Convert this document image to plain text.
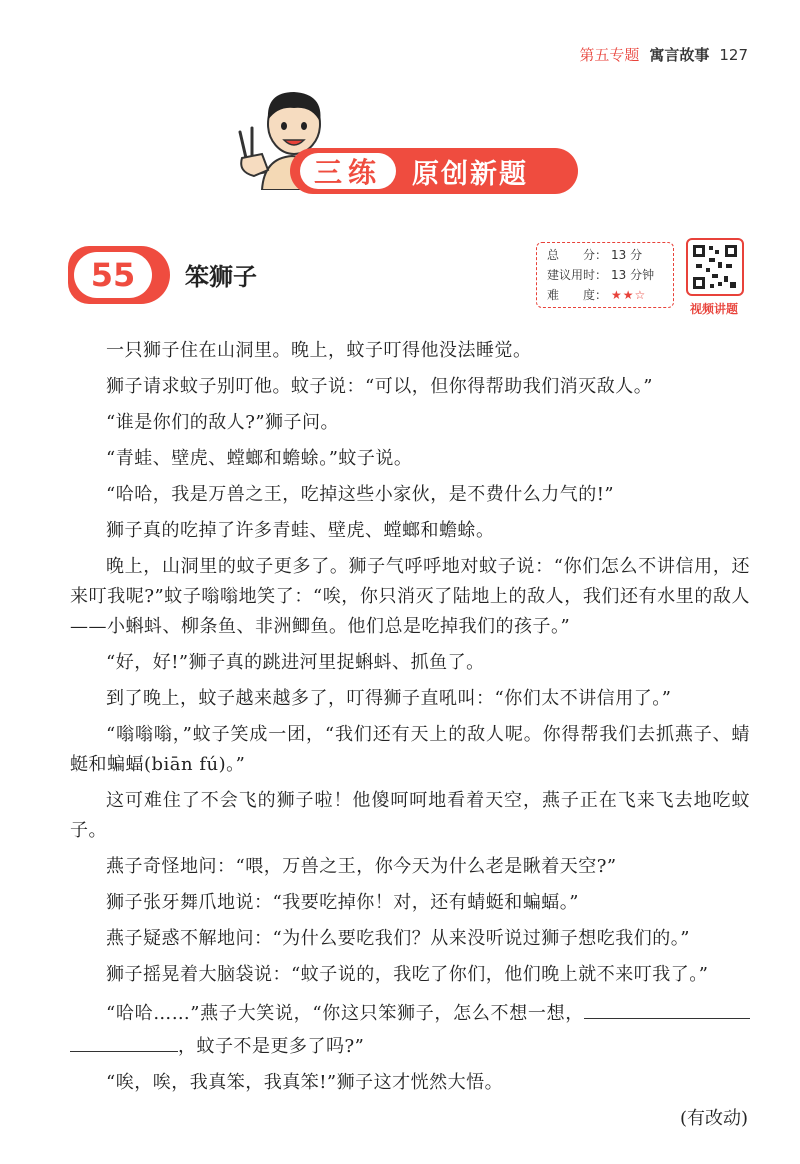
第五专题 寓言故事 127
三练	原创新题
55	笨狮子
总　　分： 13 分
建议用时： 13 分钟
难　　度： ★★☆
视频讲题

一只狮子住在山洞里。晚上，蚊子叮得他没法睡觉。

狮子请求蚊子别叮他。蚊子说：“可以，但你得帮助我们消灭敌人。”

“谁是你们的敌人?”狮子问。

“青蛙、壁虎、螳螂和蟾蜍。”蚊子说。

“哈哈，我是万兽之王，吃掉这些小家伙，是不费什么力气的!”

狮子真的吃掉了许多青蛙、壁虎、螳螂和蟾蜍。

晚上，山洞里的蚊子更多了。狮子气呼呼地对蚊子说：“你们怎么不讲信用，还来叮我呢?”蚊子嗡嗡地笑了：“唉，你只消灭了陆地上的敌人，我们还有水里的敌人——小蝌蚪、柳条鱼、非洲鲫鱼。他们总是吃掉我们的孩子。”

“好，好!”狮子真的跳进河里捉蝌蚪、抓鱼了。

到了晚上，蚊子越来越多了，叮得狮子直吼叫：“你们太不讲信用了。”

“嗡嗡嗡，”蚊子笑成一团，“我们还有天上的敌人呢。你得帮我们去抓燕子、蜻蜓和蝙蝠(biān fú)。”

这可难住了不会飞的狮子啦！他傻呵呵地看着天空，燕子正在飞来飞去地吃蚊子。

燕子奇怪地问：“喂，万兽之王，你今天为什么老是瞅着天空?”

狮子张牙舞爪地说：“我要吃掉你！对，还有蜻蜓和蝙蝠。”

燕子疑惑不解地问：“为什么要吃我们？从来没听说过狮子想吃我们的。”

狮子摇晃着大脑袋说：“蚊子说的，我吃了你们，他们晚上就不来叮我了。”

“哈哈……”燕子大笑说，“你这只笨狮子，怎么不想一想，，蚊子不是更多了吗?”

“唉，唉，我真笨，我真笨!”狮子这才恍然大悟。

(有改动)
